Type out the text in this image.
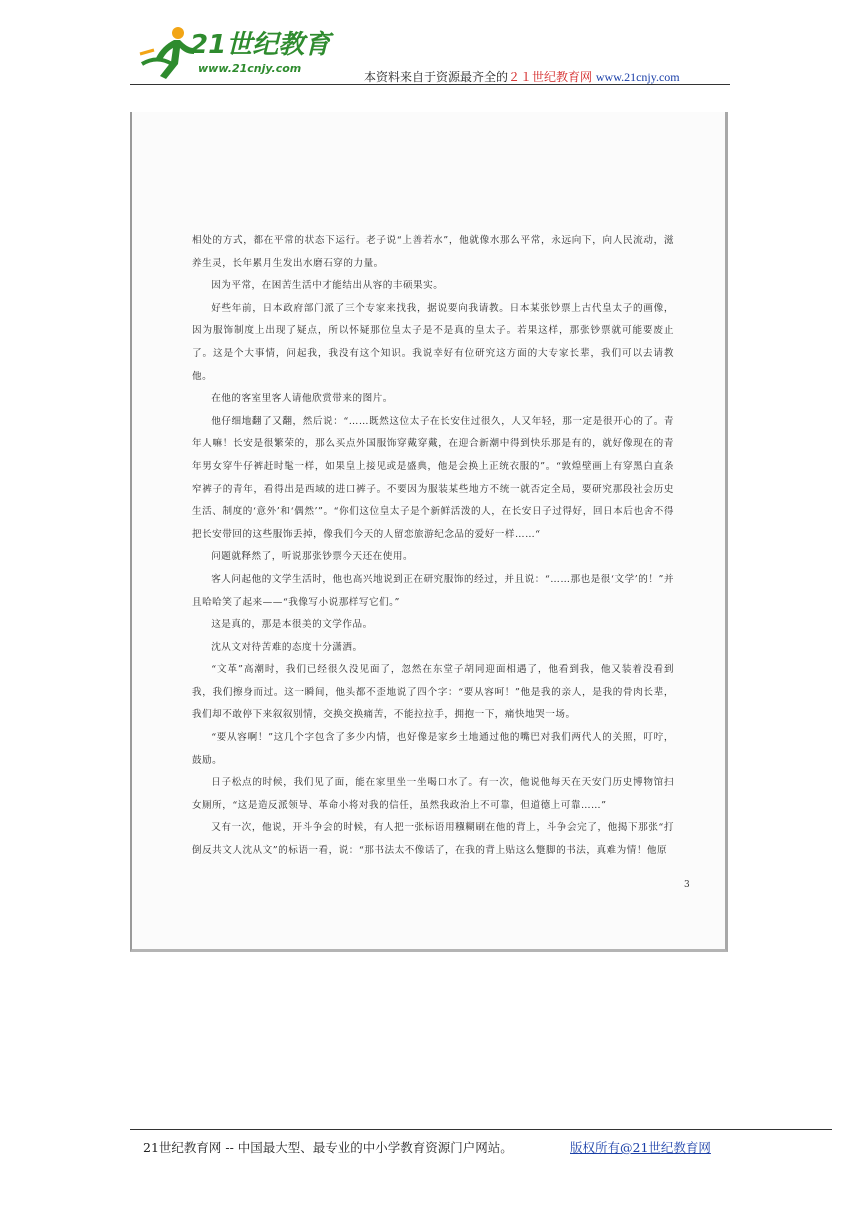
21世纪教育
www.21cnjy.com
本资料来自于资源最齐全的２１世纪教育网 www.21cnjy.com

相处的方式，都在平常的状态下运行。老子说“上善若水”，他就像水那么平常，永远向下，向人民流动，滋养生灵，长年累月生发出水磨石穿的力量。

因为平常，在困苦生活中才能结出从容的丰硕果实。

好些年前，日本政府部门派了三个专家来找我，据说要向我请教。日本某张钞票上古代皇太子的画像，因为服饰制度上出现了疑点，所以怀疑那位皇太子是不是真的皇太子。若果这样，那张钞票就可能要废止了。这是个大事情，问起我，我没有这个知识。我说幸好有位研究这方面的大专家长辈，我们可以去请教他。

在他的客室里客人请他欣赏带来的图片。

他仔细地翻了又翻，然后说：“……既然这位太子在长安住过很久，人又年轻，那一定是很开心的了。青年人嘛！长安是很繁荣的，那么买点外国服饰穿戴穿戴，在迎合新潮中得到快乐那是有的，就好像现在的青年男女穿牛仔裤赶时髦一样，如果皇上接见或是盛典，他是会换上正统衣服的”。“敦煌壁画上有穿黑白直条窄裤子的青年，看得出是西域的进口裤子。不要因为服装某些地方不统一就否定全局，要研究那段社会历史生活、制度的‘意外’和‘偶然’”。“你们这位皇太子是个新鲜活泼的人，在长安日子过得好，回日本后也舍不得把长安带回的这些服饰丢掉，像我们今天的人留恋旅游纪念品的爱好一样……“

问题就释然了，听说那张钞票今天还在使用。

客人问起他的文学生活时，他也高兴地说到正在研究服饰的经过，并且说：“……那也是很‘文学’的！”并且哈哈笑了起来——“我像写小说那样写它们。”

这是真的，那是本很美的文学作品。

沈从文对待苦难的态度十分潇洒。

“文革”高潮时，我们已经很久没见面了，忽然在东堂子胡同迎面相遇了，他看到我，他又装着没看到我，我们擦身而过。这一瞬间，他头都不歪地说了四个字：“要从容呵！”他是我的亲人，是我的骨肉长辈，我们却不敢停下来叙叙别情，交换交换痛苦，不能拉拉手，拥抱一下，痛快地哭一场。

“要从容啊！”这几个字包含了多少内情，也好像是家乡土地通过他的嘴巴对我们两代人的关照，叮咛，鼓励。

日子松点的时候，我们见了面，能在家里坐一坐喝口水了。有一次，他说他每天在天安门历史博物馆扫女厕所，“这是造反派领导、革命小将对我的信任，虽然我政治上不可靠，但道德上可靠……”

又有一次，他说，开斗争会的时候，有人把一张标语用糨糊刷在他的背上，斗争会完了，他揭下那张“打倒反共文人沈从文”的标语一看，说：“那书法太不像话了，在我的背上贴这么蹩脚的书法，真难为情！他原

3
21世纪教育网 -- 中国最大型、最专业的中小学教育资源门户网站。	版权所有@21世纪教育网
